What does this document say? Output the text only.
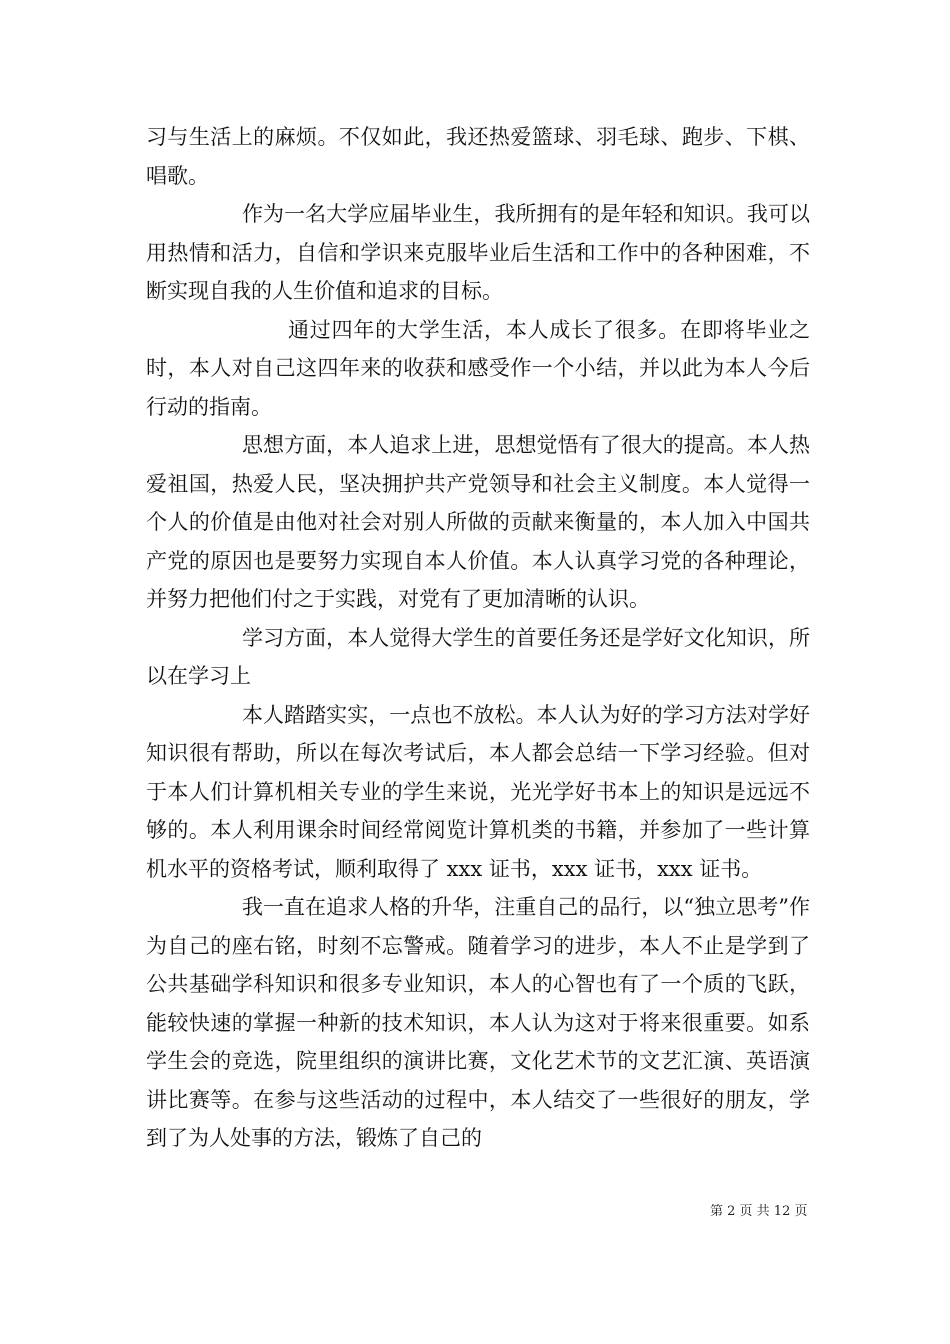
习与生活上的麻烦。不仅如此，我还热爱篮球、羽毛球、跑步、下棋、唱歌。

作为一名大学应届毕业生，我所拥有的是年轻和知识。我可以用热情和活力，自信和学识来克服毕业后生活和工作中的各种困难，不断实现自我的人生价值和追求的目标。

通过四年的大学生活，本人成长了很多。在即将毕业之时，本人对自己这四年来的收获和感受作一个小结，并以此为本人今后行动的指南。

思想方面，本人追求上进，思想觉悟有了很大的提高。本人热爱祖国，热爱人民，坚决拥护共产党领导和社会主义制度。本人觉得一个人的价值是由他对社会对别人所做的贡献来衡量的，本人加入中国共产党的原因也是要努力实现自本人价值。本人认真学习党的各种理论，并努力把他们付之于实践，对党有了更加清晰的认识。

学习方面，本人觉得大学生的首要任务还是学好文化知识，所以在学习上

本人踏踏实实，一点也不放松。本人认为好的学习方法对学好知识很有帮助，所以在每次考试后，本人都会总结一下学习经验。但对于本人们计算机相关专业的学生来说，光光学好书本上的知识是远远不够的。本人利用课余时间经常阅览计算机类的书籍，并参加了一些计算机水平的资格考试，顺利取得了 xxx 证书，xxx 证书，xxx 证书。

我一直在追求人格的升华，注重自己的品行，以“独立思考”作为自己的座右铭，时刻不忘警戒。随着学习的进步，本人不止是学到了公共基础学科知识和很多专业知识，本人的心智也有了一个质的飞跃，能较快速的掌握一种新的技术知识，本人认为这对于将来很重要。如系学生会的竞选，院里组织的演讲比赛，文化艺术节的文艺汇演、英语演讲比赛等。在参与这些活动的过程中，本人结交了一些很好的朋友，学到了为人处事的方法，锻炼了自己的

第 2 页 共 12 页
